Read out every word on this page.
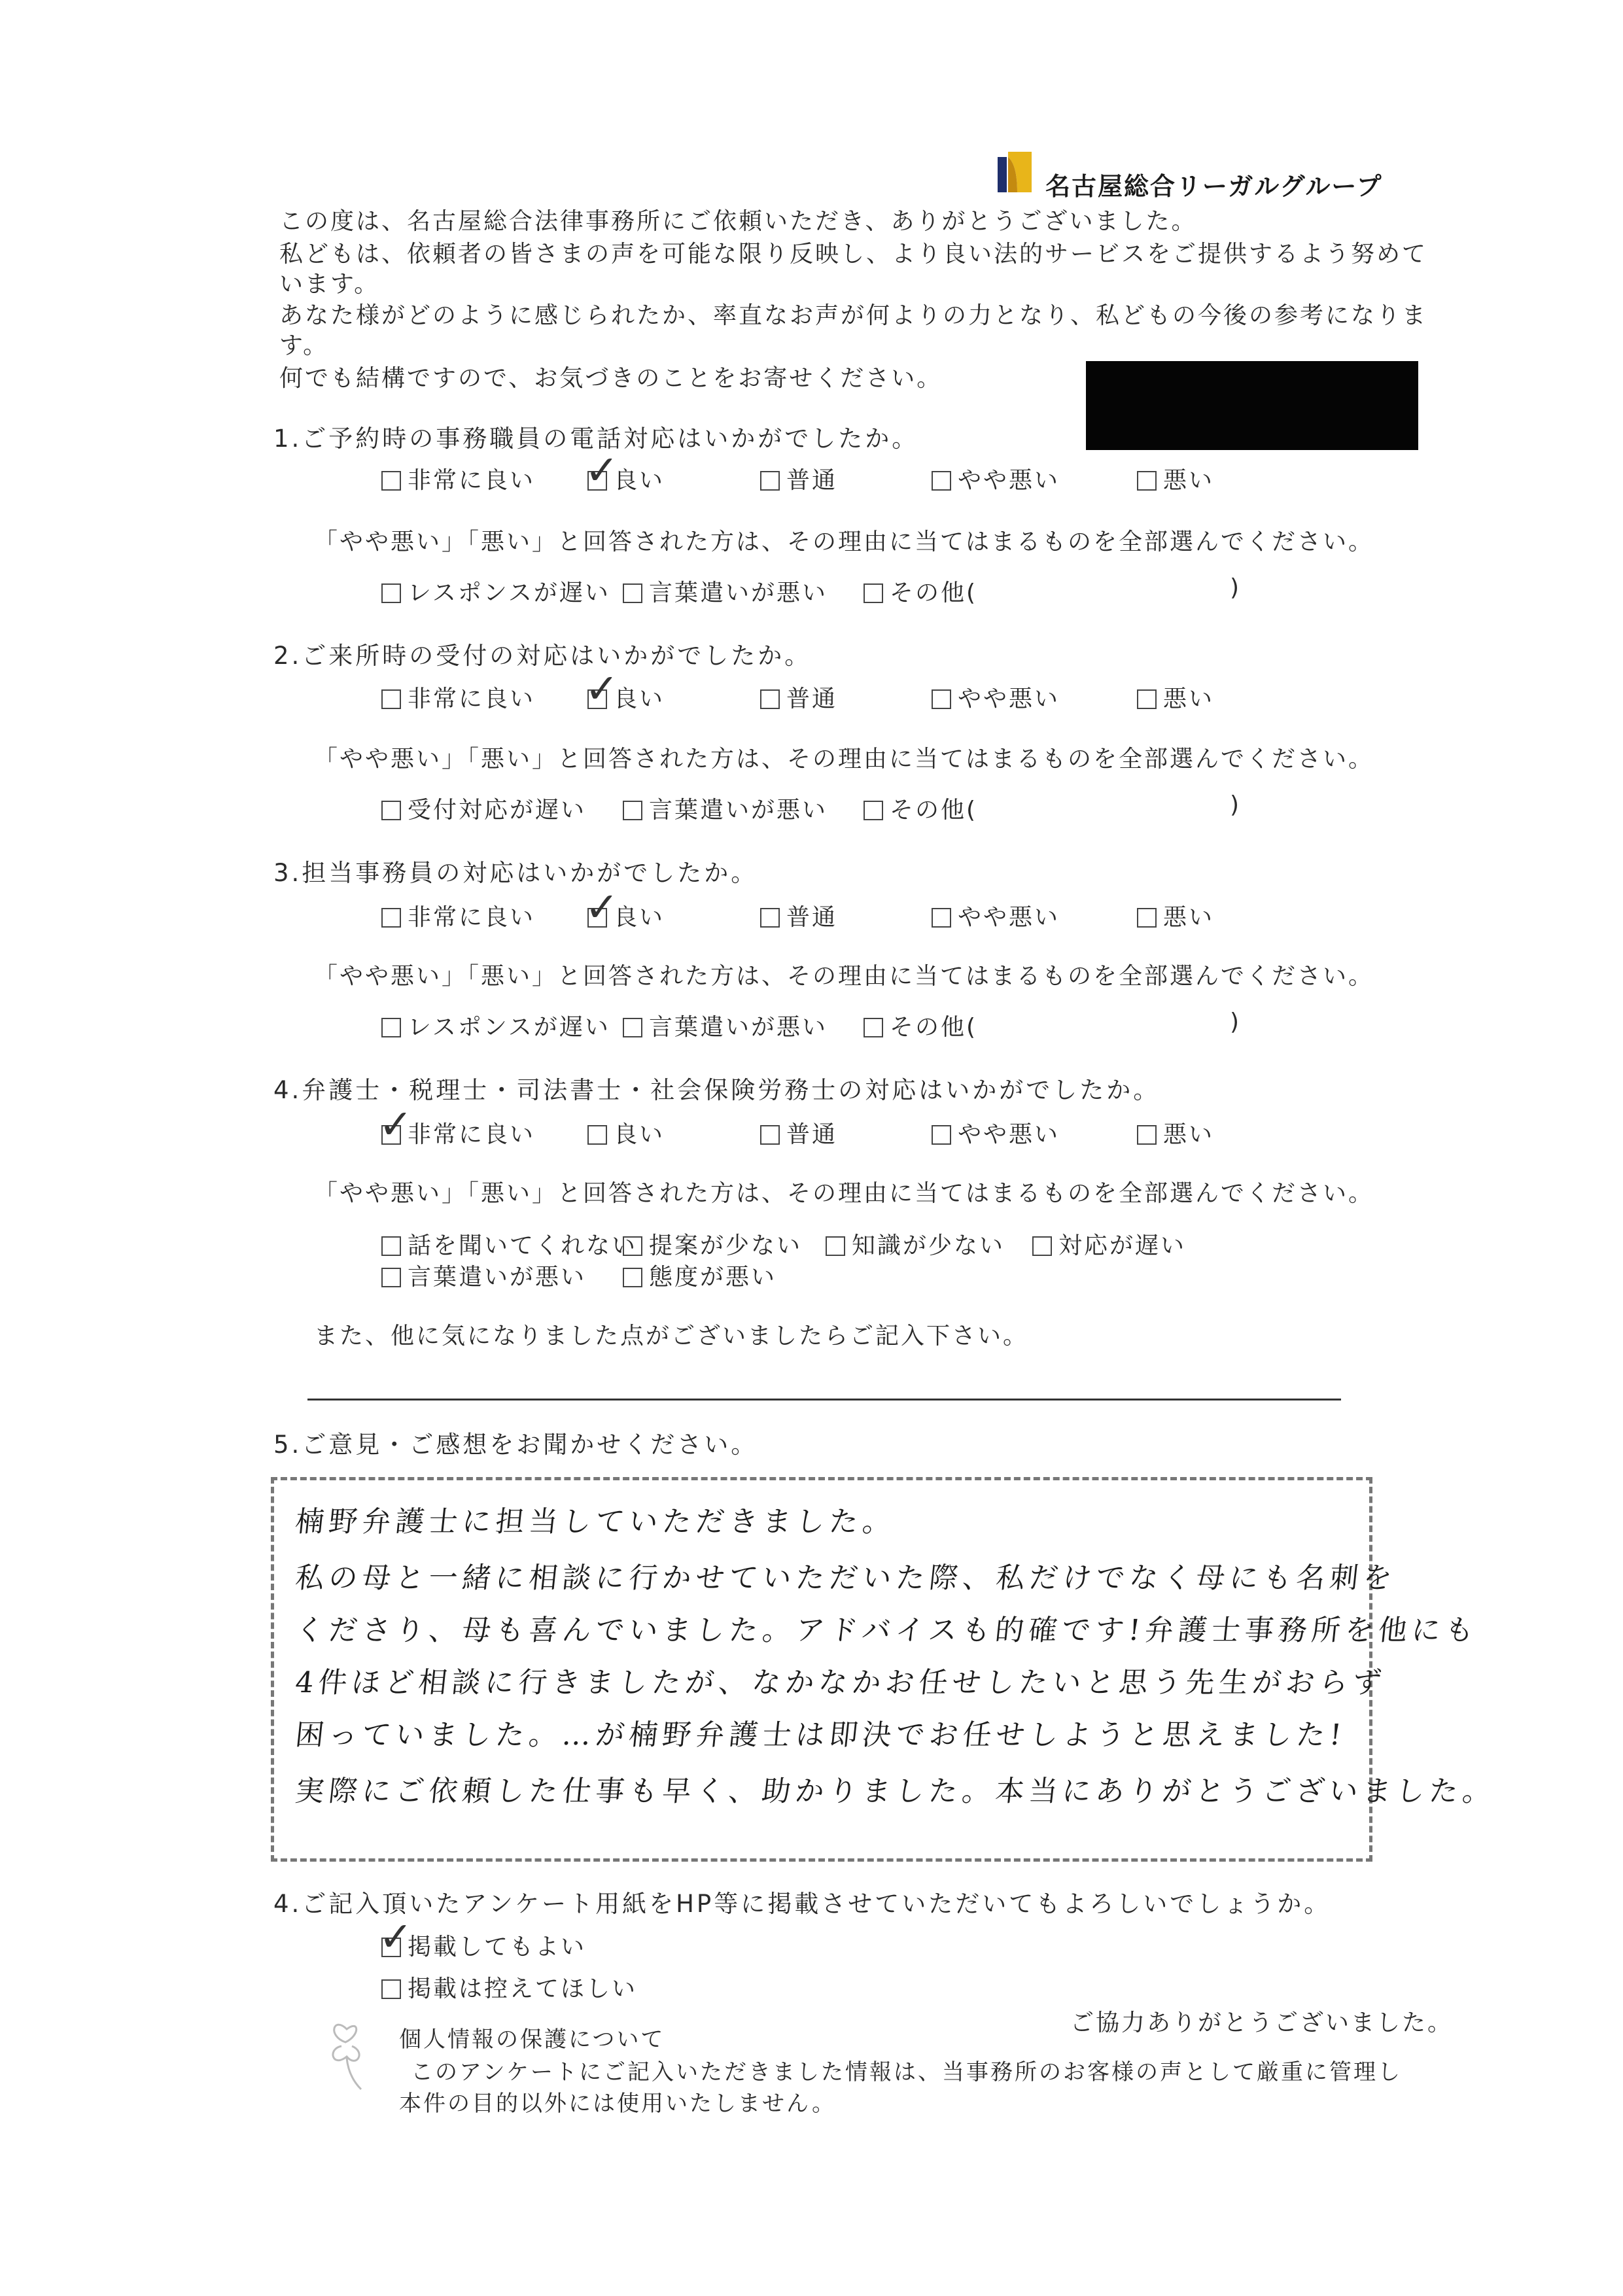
名古屋総合リーガルグループ
この度は、名古屋総合法律事務所にご依頼いただき、ありがとうございました。
私どもは、依頼者の皆さまの声を可能な限り反映し、より良い法的サービスをご提供するよう努めて
います。
あなた様がどのように感じられたか、率直なお声が何よりの力となり、私どもの今後の参考になりま
す。
何でも結構ですので、お気づきのことをお寄せください。
1.ご予約時の事務職員の電話対応はいかがでしたか。
非常に良い ✓
良い	普通	やや悪い	悪い
「やや悪い」「悪い」と回答された方は、その理由に当てはまるものを全部選んでください。
レスポンスが遅い	言葉遣いが悪い	その他(	)
2.ご来所時の受付の対応はいかがでしたか。
非常に良い ✓
良い	普通	やや悪い	悪い
「やや悪い」「悪い」と回答された方は、その理由に当てはまるものを全部選んでください。
受付対応が遅い	言葉遣いが悪い	その他(	)
3.担当事務員の対応はいかがでしたか。
非常に良い ✓
良い	普通	やや悪い	悪い
「やや悪い」「悪い」と回答された方は、その理由に当てはまるものを全部選んでください。
レスポンスが遅い	言葉遣いが悪い	その他(	)
4.弁護士・税理士・司法書士・社会保険労務士の対応はいかがでしたか。
✓
非常に良い	良い	普通	やや悪い	悪い
「やや悪い」「悪い」と回答された方は、その理由に当てはまるものを全部選んでください。
話を聞いてくれない 提案が少ない	知識が少ない	対応が遅い
言葉遣いが悪い	態度が悪い
また、他に気になりました点がございましたらご記入下さい。
5.ご意見・ご感想をお聞かせください。
楠野弁護士に担当していただきました。
私の母と一緒に相談に行かせていただいた際、私だけでなく母にも名刺を
くださり、母も喜んでいました。アドバイスも的確です!弁護士事務所を他にも
4件ほど相談に行きましたが、なかなかお任せしたいと思う先生がおらず
困っていました。…が楠野弁護士は即決でお任せしようと思えました!
実際にご依頼した仕事も早く、助かりました。本当にありがとうございました。
4.ご記入頂いたアンケート用紙をHP等に掲載させていただいてもよろしいでしょうか。
✓
掲載してもよい
掲載は控えてほしい
ご協力ありがとうございました。
個人情報の保護について
このアンケートにご記入いただきました情報は、当事務所のお客様の声として厳重に管理し
本件の目的以外には使用いたしません。
